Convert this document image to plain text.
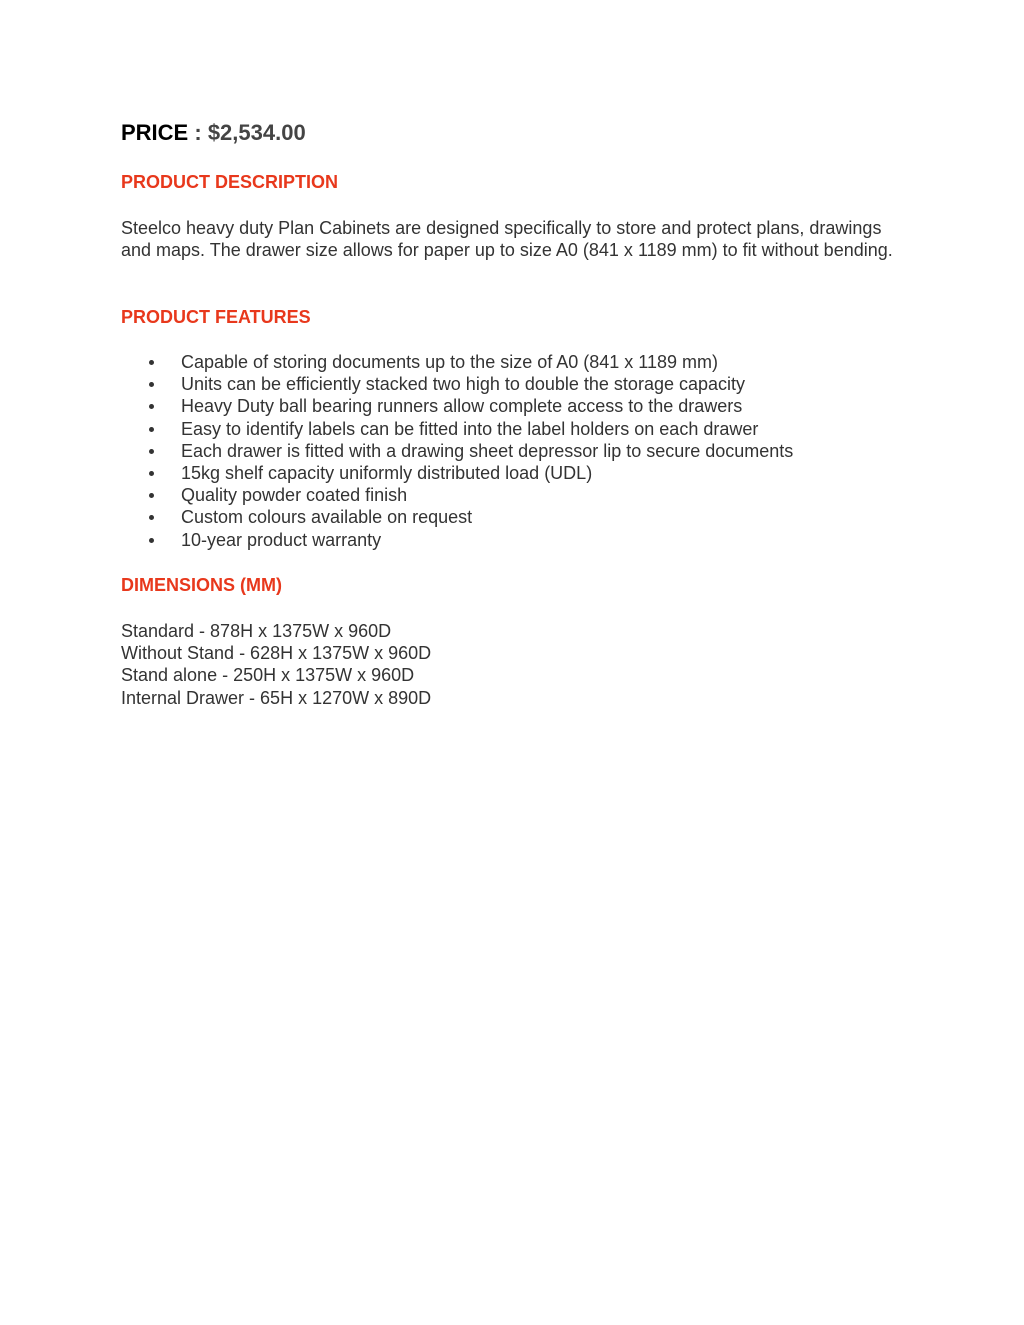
PRICE : $2,534.00
PRODUCT DESCRIPTION

Steelco heavy duty Plan Cabinets are designed specifically to store and protect plans, drawings and maps. The drawer size allows for paper up to size A0 (841 x 1189 mm) to fit without bending.

PRODUCT FEATURES
Capable of storing documents up to the size of A0 (841 x 1189 mm)
Units can be efficiently stacked two high to double the storage capacity
Heavy Duty ball bearing runners allow complete access to the drawers
Easy to identify labels can be fitted into the label holders on each drawer
Each drawer is fitted with a drawing sheet depressor lip to secure documents
15kg shelf capacity uniformly distributed load (UDL)
Quality powder coated finish
Custom colours available on request
10-year product warranty
DIMENSIONS (MM)
Standard - 878H x 1375W x 960D
Without Stand - 628H x 1375W x 960D
Stand alone - 250H x 1375W x 960D
Internal Drawer - 65H x 1270W x 890D
